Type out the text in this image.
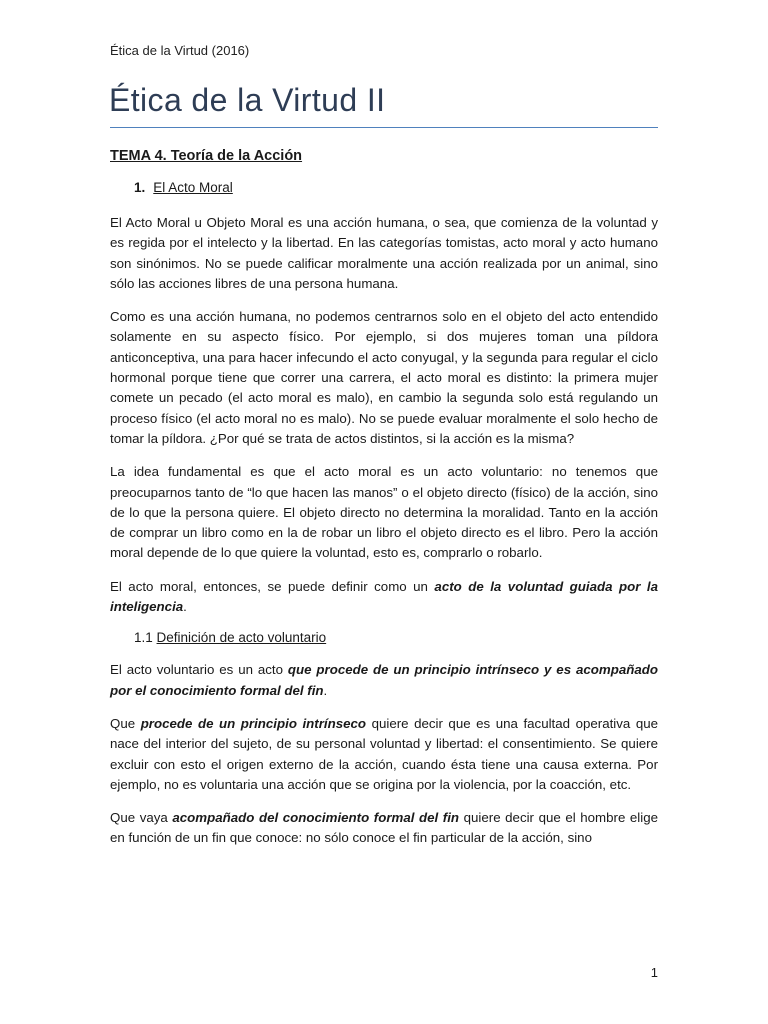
Ética de la Virtud (2016)
Ética de la Virtud II
TEMA 4. Teoría de la Acción
1. El Acto Moral

El Acto Moral u Objeto Moral es una acción humana, o sea, que comienza de la voluntad y es regida por el intelecto y la libertad. En las categorías tomistas, acto moral y acto humano son sinónimos. No se puede calificar moralmente una acción realizada por un animal, sino sólo las acciones libres de una persona humana.

Como es una acción humana, no podemos centrarnos solo en el objeto del acto entendido solamente en su aspecto físico. Por ejemplo, si dos mujeres toman una píldora anticonceptiva, una para hacer infecundo el acto conyugal, y la segunda para regular el ciclo hormonal porque tiene que correr una carrera, el acto moral es distinto: la primera mujer comete un pecado (el acto moral es malo), en cambio la segunda solo está regulando un proceso físico (el acto moral no es malo). No se puede evaluar moralmente el solo hecho de tomar la píldora. ¿Por qué se trata de actos distintos, si la acción es la misma?

La idea fundamental es que el acto moral es un acto voluntario: no tenemos que preocuparnos tanto de “lo que hacen las manos” o el objeto directo (físico) de la acción, sino de lo que la persona quiere. El objeto directo no determina la moralidad. Tanto en la acción de comprar un libro como en la de robar un libro el objeto directo es el libro. Pero la acción moral depende de lo que quiere la voluntad, esto es, comprarlo o robarlo.

El acto moral, entonces, se puede definir como un acto de la voluntad guiada por la inteligencia.

1.1 Definición de acto voluntario

El acto voluntario es un acto que procede de un principio intrínseco y es acompañado por el conocimiento formal del fin.

Que procede de un principio intrínseco quiere decir que es una facultad operativa que nace del interior del sujeto, de su personal voluntad y libertad: el consentimiento. Se quiere excluir con esto el origen externo de la acción, cuando ésta tiene una causa externa. Por ejemplo, no es voluntaria una acción que se origina por la violencia, por la coacción, etc.

Que vaya acompañado del conocimiento formal del fin quiere decir que el hombre elige en función de un fin que conoce: no sólo conoce el fin particular de la acción, sino

1
